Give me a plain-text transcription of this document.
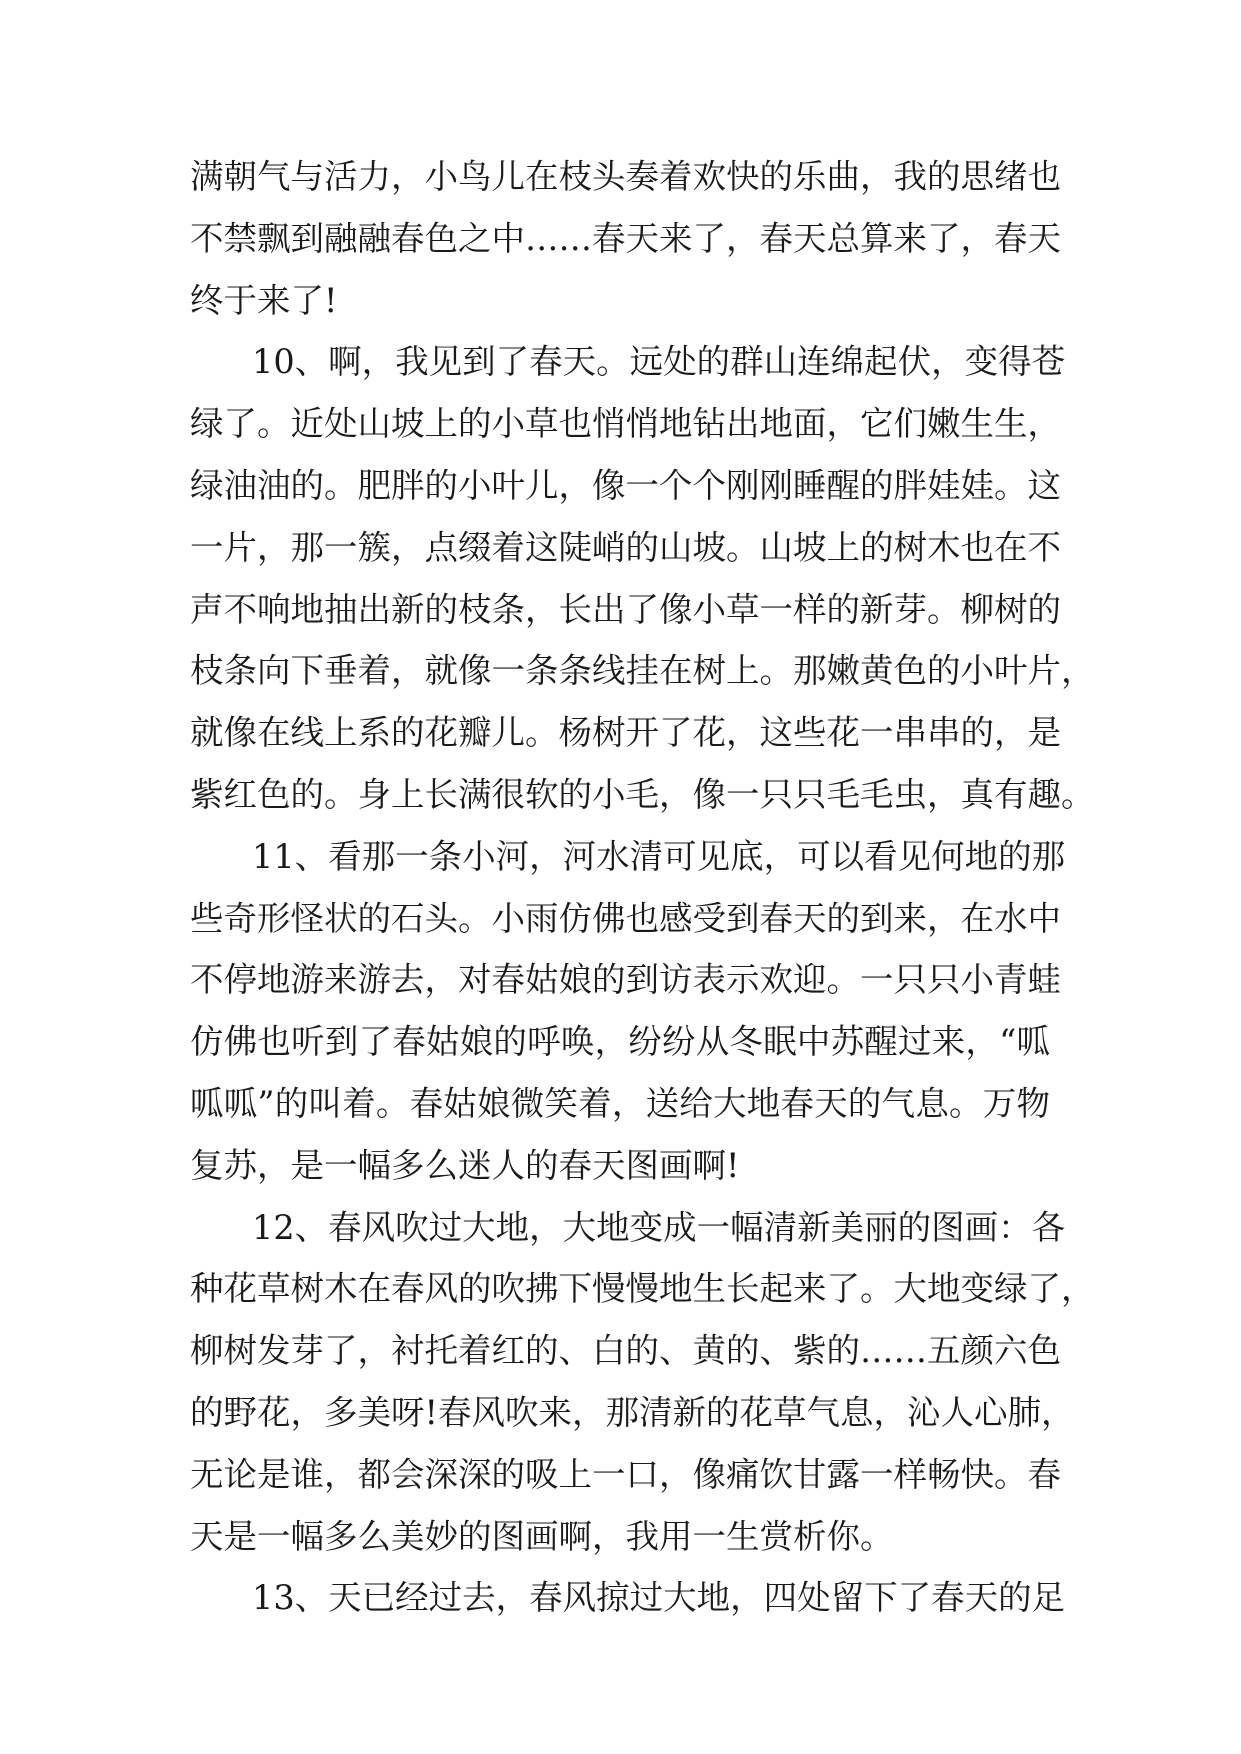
满朝气与活力，小鸟儿在枝头奏着欢快的乐曲，我的思绪也
不禁飘到融融春色之中……春天来了，春天总算来了，春天
终于来了!
10、啊，我见到了春天。远处的群山连绵起伏，变得苍
绿了。近处山坡上的小草也悄悄地钻出地面，它们嫩生生，
绿油油的。肥胖的小叶儿，像一个个刚刚睡醒的胖娃娃。这
一片，那一簇，点缀着这陡峭的山坡。山坡上的树木也在不
声不响地抽出新的枝条，长出了像小草一样的新芽。柳树的
枝条向下垂着，就像一条条线挂在树上。那嫩黄色的小叶片，
就像在线上系的花瓣儿。杨树开了花，这些花一串串的，是
紫红色的。身上长满很软的小毛，像一只只毛毛虫，真有趣。
11、看那一条小河，河水清可见底，可以看见何地的那
些奇形怪状的石头。小雨仿佛也感受到春天的到来，在水中
不停地游来游去，对春姑娘的到访表示欢迎。一只只小青蛙
仿佛也听到了春姑娘的呼唤，纷纷从冬眠中苏醒过来，“呱
呱呱”的叫着。春姑娘微笑着，送给大地春天的气息。万物
复苏，是一幅多么迷人的春天图画啊!
12、春风吹过大地，大地变成一幅清新美丽的图画：各
种花草树木在春风的吹拂下慢慢地生长起来了。大地变绿了，
柳树发芽了，衬托着红的、白的、黄的、紫的……五颜六色
的野花，多美呀!春风吹来，那清新的花草气息，沁人心肺，
无论是谁，都会深深的吸上一口，像痛饮甘露一样畅快。春
天是一幅多么美妙的图画啊，我用一生赏析你。
13、天已经过去，春风掠过大地，四处留下了春天的足
